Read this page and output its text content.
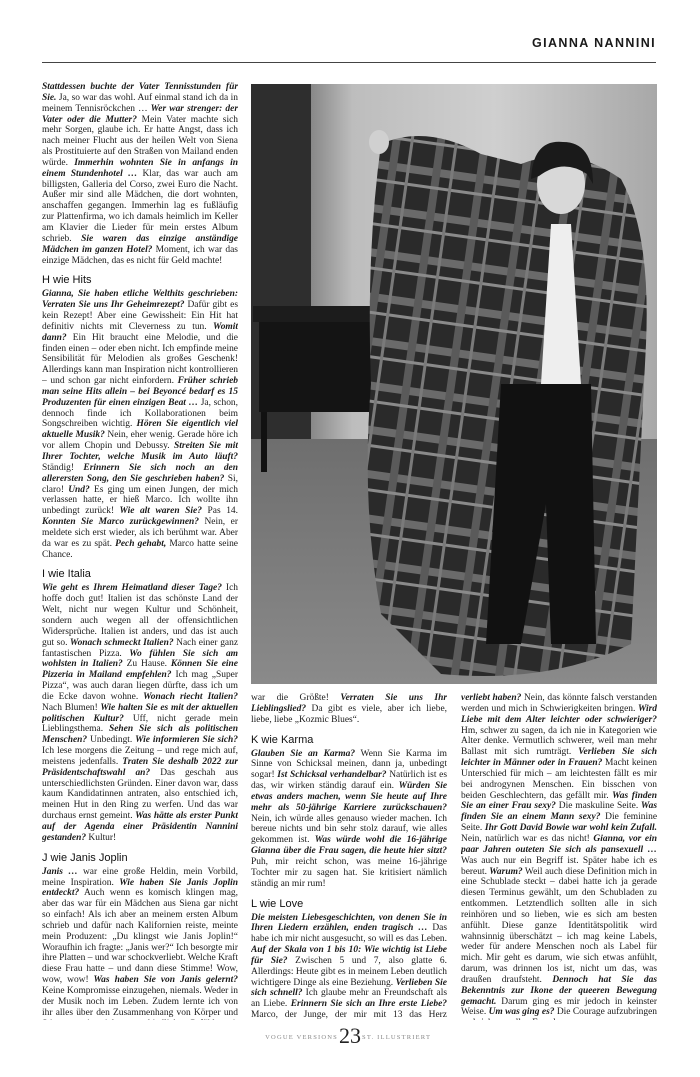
GIANNA NANNINI

Stattdessen buchte der Vater Tennisstunden für Sie. Ja, so war das wohl. Auf einmal stand ich da in meinem Tennisröckchen … Wer war strenger: der Vater oder die Mutter? Mein Vater machte sich mehr Sorgen, glaube ich. Er hatte Angst, dass ich nach meiner Flucht aus der heilen Welt von Siena als Prostituierte auf den Straßen von Mailand enden würde. Immerhin wohnten Sie in anfangs in einem Stundenhotel … Klar, das war auch am billigsten, Galleria del Corso, zwei Euro die Nacht. Außer mir sind alle Mädchen, die dort wohnten, anschaffen gegangen. Immerhin lag es fußläufig zur Plattenfirma, wo ich damals heimlich im Keller am Klavier die Lieder für mein erstes Album schrieb. Sie waren das einzige anständige Mädchen im ganzen Hotel? Moment, ich war das einzige Mädchen, das es nicht für Geld machte!

H wie Hits

Gianna, Sie haben etliche Welthits geschrieben: Verraten Sie uns Ihr Geheimrezept? Dafür gibt es kein Rezept! Aber eine Gewissheit: Ein Hit hat definitiv nichts mit Cleverness zu tun. Womit dann? Ein Hit braucht eine Melodie, und die finden einen – oder eben nicht. Ich empfinde meine Sensibilität für Melodien als großes Geschenk! Allerdings kann man Inspiration nicht kontrollieren – und schon gar nicht einfordern. Früher schrieb man seine Hits allein – bei Beyoncé bedarf es 15 Produzenten für einen einzigen Beat … Ja, schon, dennoch finde ich Kollaborationen beim Songschreiben wichtig. Hören Sie eigentlich viel aktuelle Musik? Nein, eher wenig. Gerade höre ich vor allem Chopin und Debussy. Streiten Sie mit Ihrer Tochter, welche Musik im Auto läuft? Ständig! Erinnern Sie sich noch an den allerersten Song, den Sie geschrieben haben? Si, claro! Und? Es ging um einen Jungen, der mich verlassen hatte, er hieß Marco. Ich wollte ihn unbedingt zurück! Wie alt waren Sie? Pas 14. Konnten Sie Marco zurückgewinnen? Nein, er meldete sich erst wieder, als ich berühmt war. Aber da war es zu spät. Pech gehabt, Marco hatte seine Chance.

I wie Italia

Wie geht es Ihrem Heimatland dieser Tage? Ich hoffe doch gut! Italien ist das schönste Land der Welt, nicht nur wegen Kultur und Schönheit, sondern auch wegen all der offensichtlichen Widersprüche. Italien ist anders, und das ist auch gut so. Wonach schmeckt Italien? Nach einer ganz fantastischen Pizza. Wo fühlen Sie sich am wohlsten in Italien? Zu Hause. Können Sie eine Pizzeria in Mailand empfehlen? Ich mag „Super Pizza“, was auch daran liegen dürfte, dass ich um die Ecke davon wohne. Wonach riecht Italien? Nach Blumen! Wie halten Sie es mit der aktuellen politischen Kultur? Uff, nicht gerade mein Lieblingsthema. Sehen Sie sich als politischen Menschen? Unbedingt. Wie informieren Sie sich? Ich lese morgens die Zeitung – und rege mich auf, meistens jedenfalls. Traten Sie deshalb 2022 zur Präsidentschaftswahl an? Das geschah aus unterschiedlichsten Gründen. Einer davon war, dass kaum Kandidatinnen antraten, also entschied ich, meinen Hut in den Ring zu werfen. Und das war durchaus ernst gemeint. Was hätte als erster Punkt auf der Agenda einer Präsidentin Nannini gestanden? Kultur!

J wie Janis Joplin

Janis … war eine große Heldin, mein Vorbild, meine Inspiration. Wie haben Sie Janis Joplin entdeckt? Auch wenn es komisch klingen mag, aber das war für ein Mädchen aus Siena gar nicht so einfach! Als ich aber an meinem ersten Album schrieb und dafür nach Kalifornien reiste, meinte mein Produzent: „Du klingst wie Janis Joplin!“ Woraufhin ich fragte: „Janis wer?“ Ich besorgte mir ihre Platten – und war schockverliebt. Welche Kraft diese Frau hatte – und dann diese Stimme! Wow, wow, wow! Was haben Sie von Janis gelernt? Keine Kompromisse einzugehen, niemals. Weder in der Musik noch im Leben. Zudem lernte ich von ihr alles über den Zusammenhang von Körper und

war die Größte! Verraten Sie uns Ihr Lieblingslied? Da gibt es viele, aber ich liebe, liebe, liebe „Kozmic Blues“.

K wie Karma

Glauben Sie an Karma? Wenn Sie Karma im Sinne von Schicksal meinen, dann ja, unbedingt sogar! Ist Schicksal verhandelbar? Natürlich ist es das, wir wirken ständig darauf ein. Würden Sie etwas anders machen, wenn Sie heute auf Ihre mehr als 50-jährige Karriere zurückschauen? Nein, ich würde alles genauso wieder machen. Ich bereue nichts und bin sehr stolz darauf, wie alles gekommen ist. Was würde wohl die 16-jährige Gianna über die Frau sagen, die heute hier sitzt? Puh, mir reicht schon, was meine 16-jährige Tochter mir zu sagen hat. Sie kritisiert nämlich ständig an mir rum!

L wie Love

Die meisten Liebesgeschichten, von denen Sie in Ihren Liedern erzählen, enden tragisch … Das habe ich mir nicht ausgesucht, so will es das Leben. Auf der Skala von 1 bis 10: Wie wichtig ist Liebe für Sie? Zwischen 5 und 7, also glatte 6. Allerdings: Heute gibt es in meinem Leben deutlich wichtigere Dinge als eine Beziehung. Verlieben Sie sich schnell? Ich glaube mehr an Freundschaft als an Liebe. Erinnern Sie sich an Ihre erste Liebe? Marco, der Junge, der mir mit 13 das Herz

verliebt haben? Nein, das könnte falsch verstanden werden und mich in Schwierigkeiten bringen. Wird Liebe mit dem Alter leichter oder schwieriger? Hm, schwer zu sagen, da ich nie in Kategorien wie Alter denke. Vermutlich schwerer, weil man mehr Ballast mit sich rumträgt. Verlieben Sie sich leichter in Männer oder in Frauen? Macht keinen Unterschied für mich – am leichtesten fällt es mir bei androgynen Menschen. Ein bisschen von beiden Geschlechtern, das gefällt mir. Was finden Sie an einer Frau sexy? Die maskuline Seite. Was finden Sie an einem Mann sexy? Die feminine Seite. Ihr Gott David Bowie war wohl kein Zufall. Nein, natürlich war es das nicht! Gianna, vor ein paar Jahren outeten Sie sich als pansexuell … Was auch nur ein Begriff ist. Später habe ich es bereut. Warum? Weil auch diese Definition mich in eine Schublade steckt – dabei hatte ich ja gerade diesen Terminus gewählt, um den Schubladen zu entkommen. Letztendlich sollten alle in sich reinhören und so lieben, wie es sich am besten anfühlt. Diese ganze Identitätspolitik wird wahnsinnig überschätzt – ich mag keine Labels, weder für andere Menschen noch als Label für mich. Mir geht es darum, wie sich etwas anfühlt, darum, was drinnen los ist, nicht um das, was draußen draufsteht. Dennoch hat Sie das Bekenntnis zur Ikone der queeren Bewegung gemacht. Darum ging es mir jedoch in keinster Weise. Um was ging es? Die Courage aufzubringen

VOGUE VERSIONS 23 ST. ILLUSTRIERT
